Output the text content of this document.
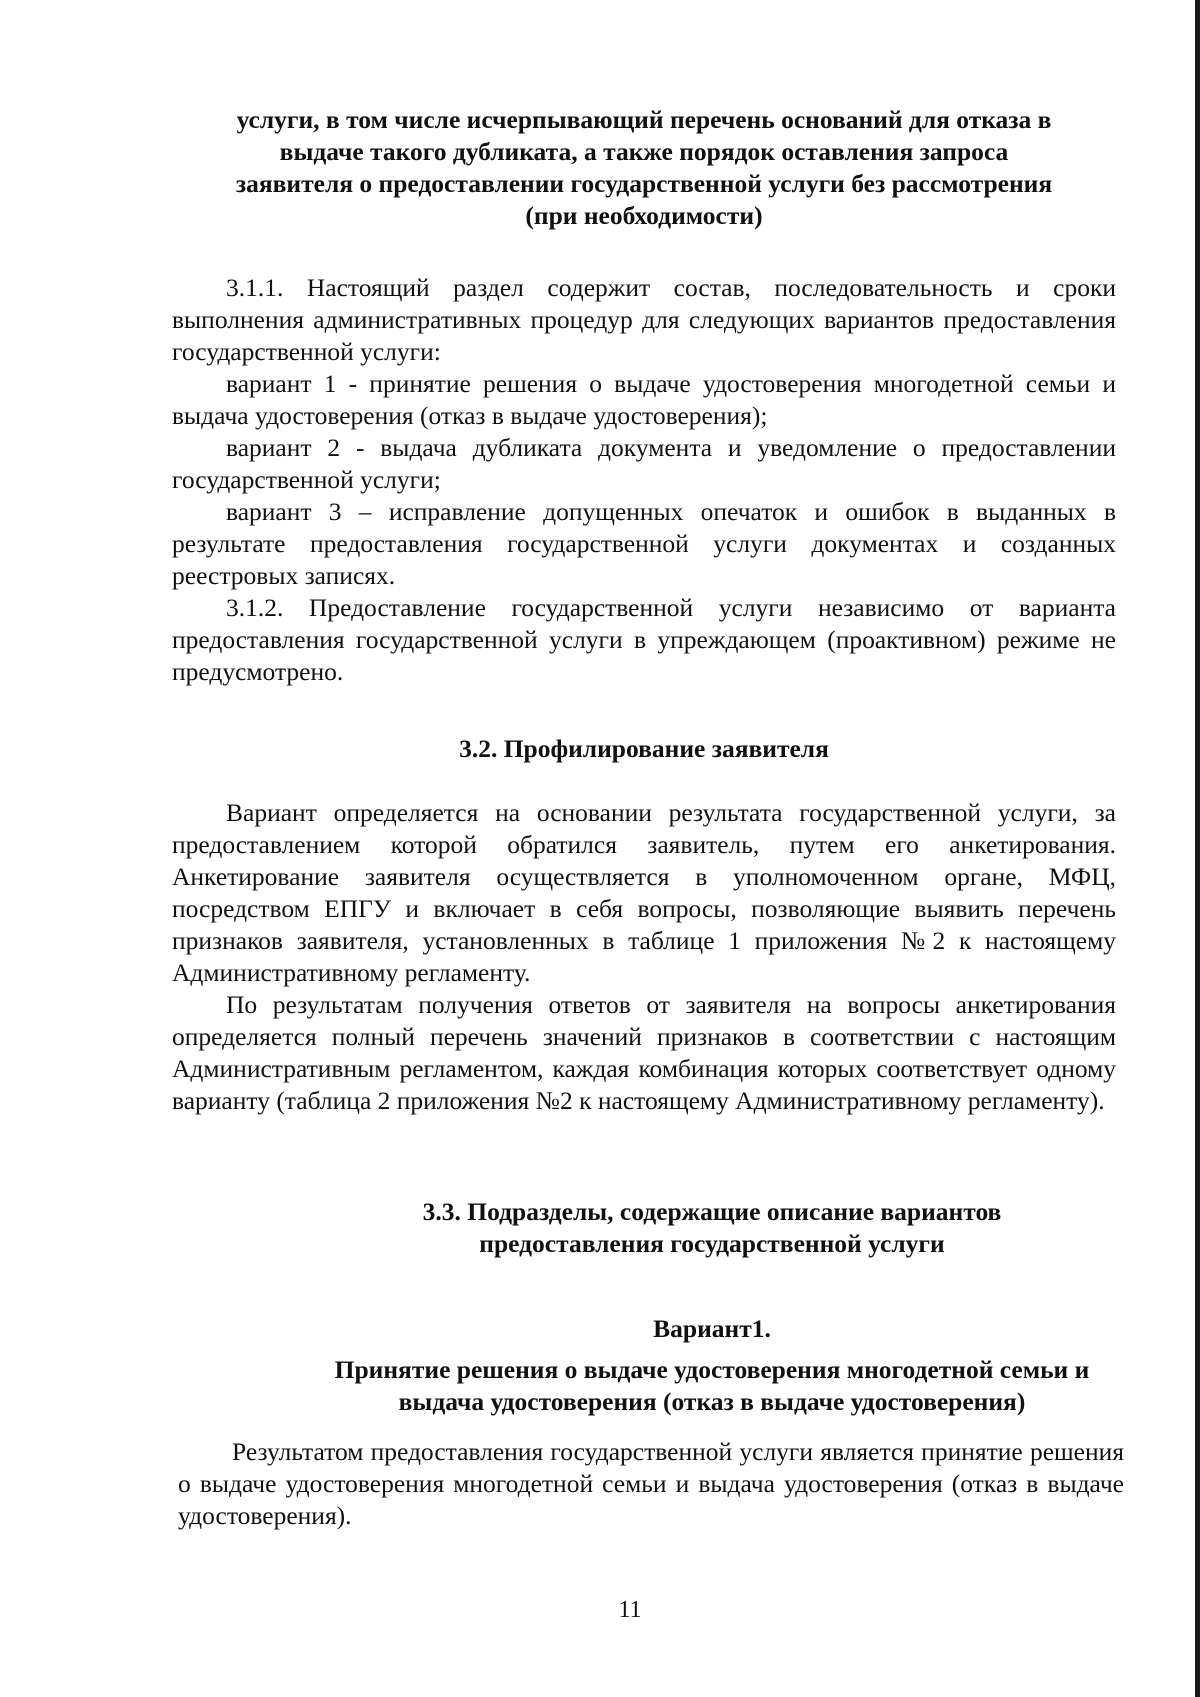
услуги, в том числе исчерпывающий перечень оснований для отказа в
выдаче такого дубликата, а также порядок оставления запроса
заявителя о предоставлении государственной услуги без рассмотрения
(при необходимости)

3.1.1. Настоящий раздел содержит состав, последовательность и сроки выполнения административных процедур для следующих вариантов предоставления государственной услуги:

вариант 1 - принятие решения о выдаче удостоверения многодетной семьи и выдача удостоверения (отказ в выдаче удостоверения);

вариант 2 - выдача дубликата документа и уведомление о предоставлении государственной услуги;

вариант 3 – исправление допущенных опечаток и ошибок в выданных в результате предоставления государственной услуги документах и созданных реестровых записях.

3.1.2. Предоставление государственной услуги независимо от варианта предоставления государственной услуги в упреждающем (проактивном) режиме не предусмотрено.

3.2. Профилирование заявителя

Вариант определяется на основании результата государственной услуги, за предоставлением которой обратился заявитель, путем его анкетирования. Анкетирование заявителя осуществляется в уполномоченном органе, МФЦ, посредством ЕПГУ и включает в себя вопросы, позволяющие выявить перечень признаков заявителя, установленных в таблице 1 приложения №2 к настоящему Административному регламенту.

По результатам получения ответов от заявителя на вопросы анкетирования определяется полный перечень значений признаков в соответствии с настоящим Административным регламентом, каждая комбинация которых соответствует одному варианту (таблица 2 приложения №2 к настоящему Административному регламенту).

3.3. Подразделы, содержащие описание вариантов
предоставления государственной услуги

Вариант1.

Принятие решения о выдаче удостоверения многодетной семьи и
выдача удостоверения (отказ в выдаче удостоверения)

Результатом предоставления государственной услуги является принятие решения о выдаче удостоверения многодетной семьи и выдача удостоверения (отказ в выдаче удостоверения).

11
